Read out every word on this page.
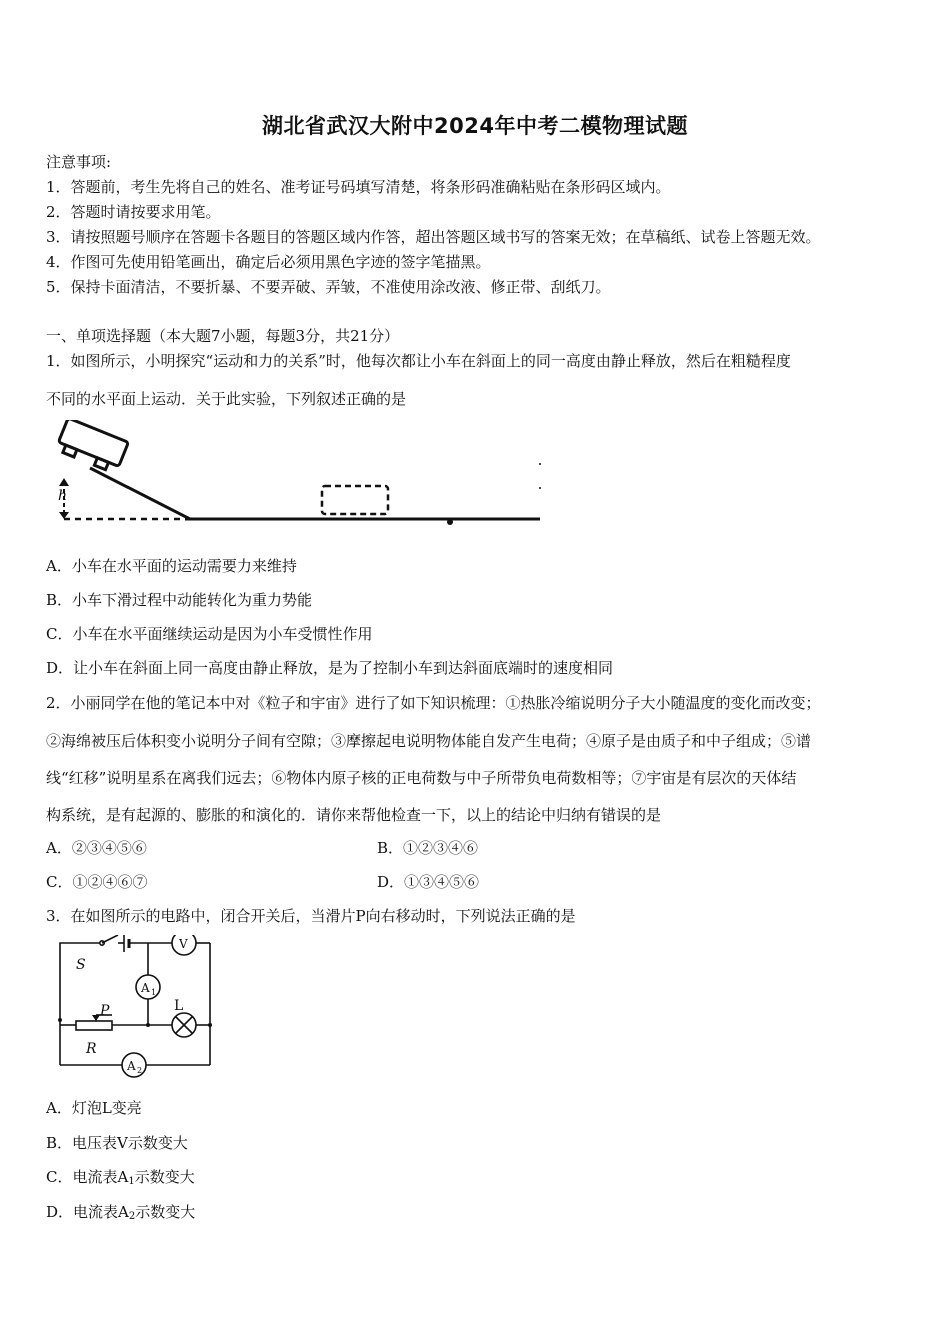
湖北省武汉大附中2024年中考二模物理试题
注意事项:
1．答题前，考生先将自己的姓名、准考证号码填写清楚，将条形码准确粘贴在条形码区域内。
2．答题时请按要求用笔。
3．请按照题号顺序在答题卡各题目的答题区域内作答，超出答题区域书写的答案无效；在草稿纸、试卷上答题无效。
4．作图可先使用铅笔画出，确定后必须用黑色字迹的签字笔描黑。
5．保持卡面清洁，不要折暴、不要弄破、弄皱，不准使用涂改液、修正带、刮纸刀。
一、单项选择题（本大题7小题，每题3分，共21分）
1．如图所示，小明探究“运动和力的关系”时，他每次都让小车在斜面上的同一高度由静止释放，然后在粗糙程度
不同的水平面上运动．关于此实验，下列叙述正确的是
h
A．小车在水平面的运动需要力来维持
B．小车下滑过程中动能转化为重力势能
C．小车在水平面继续运动是因为小车受惯性作用
D．让小车在斜面上同一高度由静止释放，是为了控制小车到达斜面底端时的速度相同
2．小丽同学在他的笔记本中对《粒子和宇宙》进行了如下知识梳理：①热胀冷缩说明分子大小随温度的变化而改变；
②海绵被压后体积变小说明分子间有空隙；③摩擦起电说明物体能自发产生电荷；④原子是由质子和中子组成；⑤谱
线“红移”说明星系在离我们远去；⑥物体内原子核的正电荷数与中子所带负电荷数相等；⑦宇宙是有层次的天体结
构系统，是有起源的、膨胀的和演化的．请你来帮他检查一下，以上的结论中归纳有错误的是
A．②③④⑤⑥	B．①②③④⑥
C．①②④⑥⑦	D．①③④⑤⑥
3．在如图所示的电路中，闭合开关后，当滑片P向右移动时，下列说法正确的是
S
V
A 1
L
P
R
A 2
A．灯泡L变亮
B．电压表V示数变大
C．电流表$A_1$示数变大
D．电流表$A_2$示数变大
